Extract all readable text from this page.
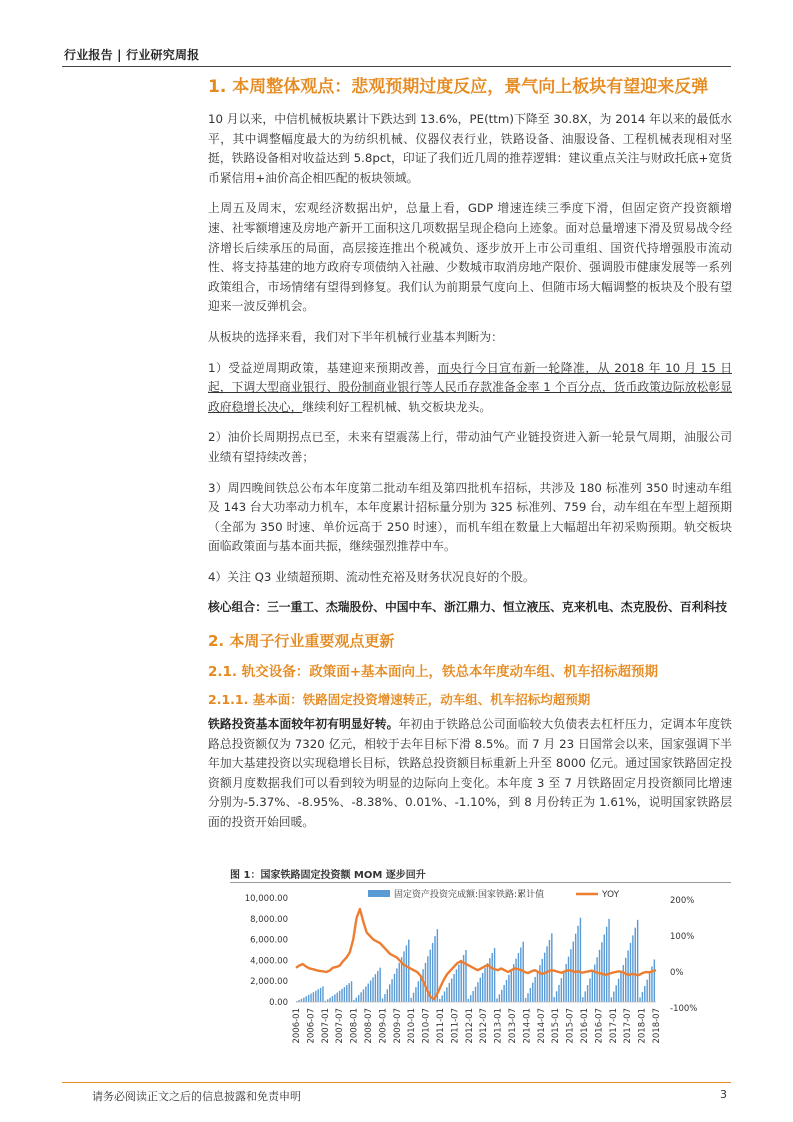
行业报告 | 行业研究周报
1. 本周整体观点：悲观预期过度反应，景气向上板块有望迎来反弹

10 月以来，中信机械板块累计下跌达到 13.6%，PE(ttm)下降至 30.8X，为 2014 年以来的最低水平，其中调整幅度最大的为纺织机械、仪器仪表行业，铁路设备、油服设备、工程机械表现相对坚挺，铁路设备相对收益达到 5.8pct，印证了我们近几周的推荐逻辑：建议重点关注与财政托底+宽货币紧信用+油价高企相匹配的板块领域。

上周五及周末，宏观经济数据出炉，总量上看，GDP 增速连续三季度下滑，但固定资产投资额增速、社零额增速及房地产新开工面积这几项数据呈现企稳向上迹象。面对总量增速下滑及贸易战令经济增长后续承压的局面，高层接连推出个税减负、逐步放开上市公司重组、国资代持增强股市流动性、将支持基建的地方政府专项债纳入社融、少数城市取消房地产限价、强调股市健康发展等一系列政策组合，市场情绪有望得到修复。我们认为前期景气度向上、但随市场大幅调整的板块及个股有望迎来一波反弹机会。

从板块的选择来看，我们对下半年机械行业基本判断为：

1）受益逆周期政策，基建迎来预期改善，而央行今日宣布新一轮降准，从 2018 年 10 月 15 日起，下调大型商业银行、股份制商业银行等人民币存款准备金率 1 个百分点，货币政策边际放松彰显政府稳增长决心，继续利好工程机械、轨交板块龙头。

2）油价长周期拐点已至，未来有望震荡上行，带动油气产业链投资进入新一轮景气周期，油服公司业绩有望持续改善；

3）周四晚间铁总公布本年度第二批动车组及第四批机车招标，共涉及 180 标准列 350 时速动车组及 143 台大功率动力机车，本年度累计招标量分别为 325 标准列、759 台，动车组在车型上超预期（全部为 350 时速、单价远高于 250 时速），而机车组在数量上大幅超出年初采购预期。轨交板块面临政策面与基本面共振，继续强烈推荐中车。

4）关注 Q3 业绩超预期、流动性充裕及财务状况良好的个股。

核心组合：三一重工、杰瑞股份、中国中车、浙江鼎力、恒立液压、克来机电、杰克股份、百利科技

2. 本周子行业重要观点更新
2.1. 轨交设备：政策面+基本面向上，铁总本年度动车组、机车招标超预期
2.1.1. 基本面：铁路固定投资增速转正，动车组、机车招标均超预期

铁路投资基本面较年初有明显好转。年初由于铁路总公司面临较大负债表去杠杆压力，定调本年度铁路总投资额仅为 7320 亿元，相较于去年目标下滑 8.5%。而 7 月 23 日国常会以来，国家强调下半年加大基建投资以实现稳增长目标，铁路总投资额目标重新上升至 8000 亿元。通过国家铁路固定投资额月度数据我们可以看到较为明显的边际向上变化。本年度 3 至 7 月铁路固定月投资额同比增速分别为-5.37%、-8.95%、-8.38%、0.01%、-1.10%，到 8 月份转正为 1.61%，说明国家铁路层面的投资开始回暖。

图 1：国家铁路固定投资额 MOM 逐步回升
固定资产投资完成额:国家铁路:累计值	YOY
10,000.00
8,000.00
6,000.00
4,000.00
2,000.00
0.00
200%
100%
0%
-100%
2006-01 2006-07 2007-01 2007-07 2008-01 2008-07 2009-01 2009-07 2010-01 2010-07 2011-01 2011-07 2012-01 2012-07 2013-01 2013-07 2014-01 2014-07 2015-01 2015-07 2016-01 2016-07 2017-01 2017-07 2018-01 2018-07
请务必阅读正文之后的信息披露和免责申明	3
